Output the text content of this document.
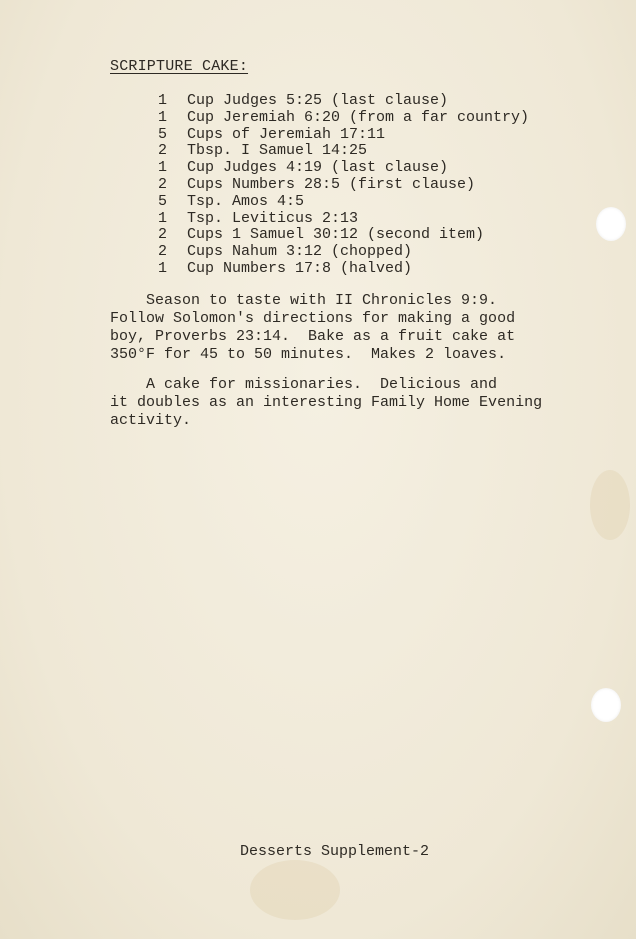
SCRIPTURE CAKE:
1	Cup Judges 5:25 (last clause)
1	Cup Jeremiah 6:20 (from a far country)
5	Cups of Jeremiah 17:11
2	Tbsp. I Samuel 14:25
1	Cup Judges 4:19 (last clause)
2	Cups Numbers 28:5 (first clause)
5	Tsp. Amos 4:5
1	Tsp. Leviticus 2:13
2	Cups 1 Samuel 30:12 (second item)
2	Cups Nahum 3:12 (chopped)
1	Cup Numbers 17:8 (halved)

Season to taste with II Chronicles 9:9.
Follow Solomon's directions for making a good
boy, Proverbs 23:14.  Bake as a fruit cake at
350°F for 45 to 50 minutes.  Makes 2 loaves.

A cake for missionaries.  Delicious and
it doubles as an interesting Family Home Evening
activity.

Desserts Supplement-2
